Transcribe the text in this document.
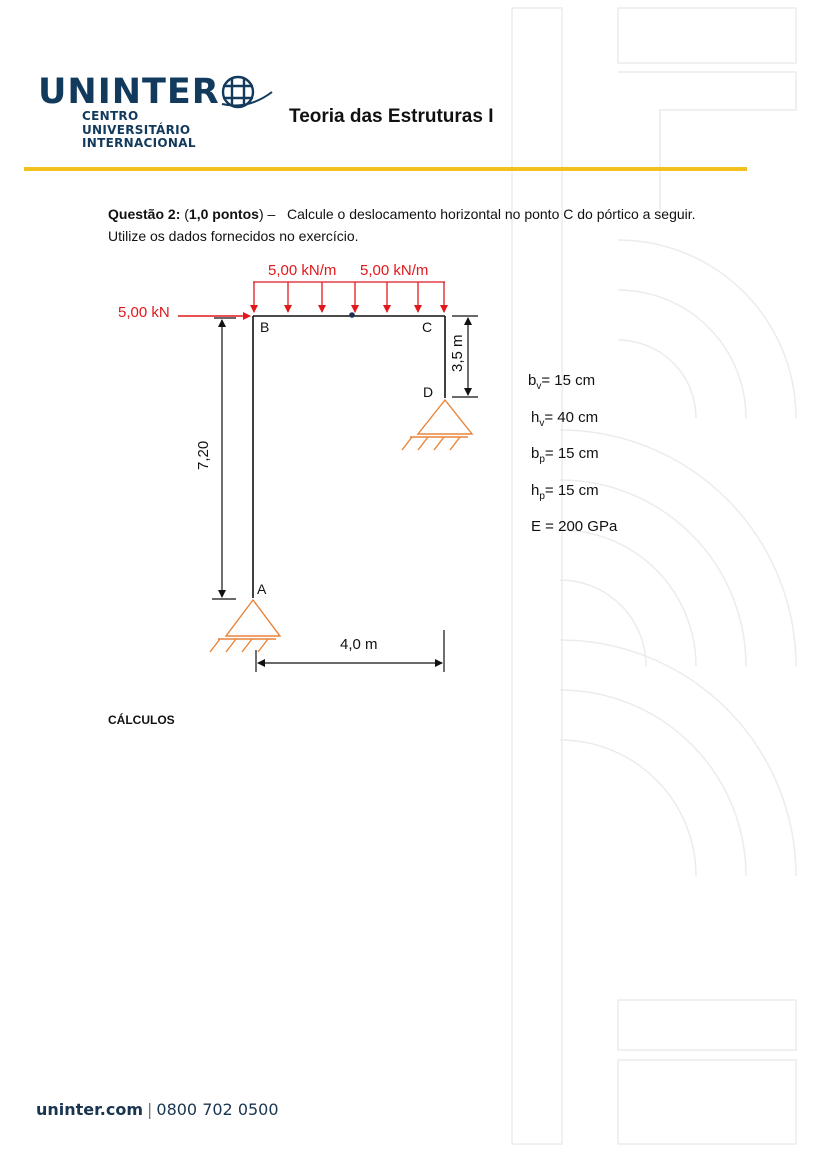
UNINTER
CENTRO
UNIVERSITÁRIO
INTERNACIONAL
Teoria das Estruturas I
Questão 2: (1,0 pontos) –   Calcule o deslocamento horizontal no ponto C do pórtico a seguir. Utilize os dados fornecidos no exercício.
5,00 kN/m 5,00 kN/m
5,00 kN
B	C
D
A
7,20
3,5 m
4,0 m
$b_v= 15$ cm
$h_v= 40$ cm
$b_p= 15$ cm
$h_p= 15$ cm
E = 200 GPa
CÁLCULOS
uninter.com | 0800 702 0500
